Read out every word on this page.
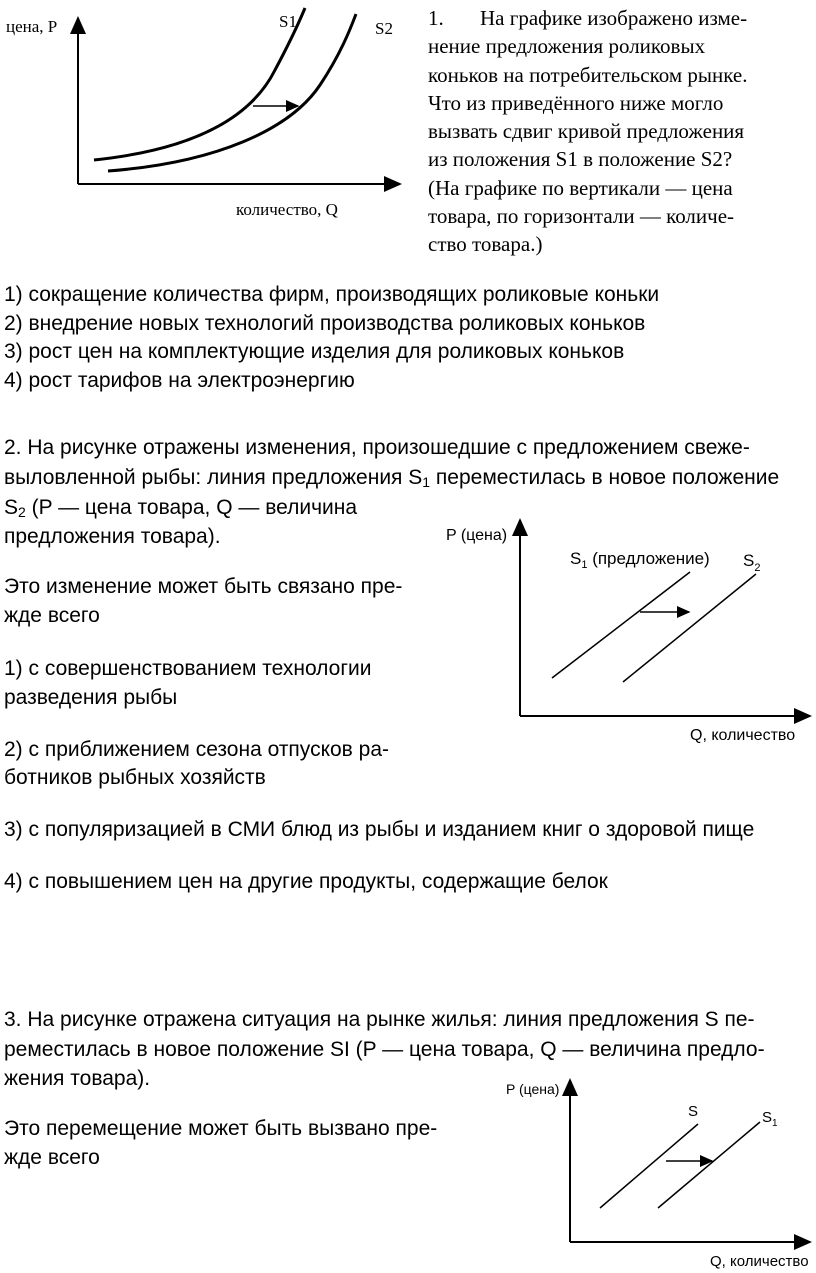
цена, P
количество, Q
S1	S2 1. На графике изображено изме-
нение предложения роликовых
коньков на потребительском рынке.
Что из приведённого ниже могло
вызвать сдвиг кривой предложения
из положения S1 в положение S2?
(На графике по вертикали — цена
товара, по горизонтали — количе-
ство товара.)
1) сокращение количества фирм, производящих роликовые коньки
2) внедрение новых технологий производства роликовых коньков
3) рост цен на комплектующие изделия для роликовых коньков
4) рост тарифов на электроэнергию
2. На рисунке отражены изменения, произошедшие с предложением свеже-
выловленной рыбы: линия предложения $S_1$ переместилась в новое положение
$S_2$ (P — цена товара, Q — величина
предложения товара).
Это изменение может быть связано пре-
жде всего
1) с совершенствованием технологии
разведения рыбы
2) с приближением сезона отпусков ра-
ботников рыбных хозяйств
3) с популяризацией в СМИ блюд из рыбы и изданием книг о здоровой пище
4) с повышением цен на другие продукты, содержащие белок
P (цена)
$S_1$ (предложение) $S_2$
Q, количество
3. На рисунке отражена ситуация на рынке жилья: линия предложения S пе-
реместилась в новое положение SI (P — цена товара, Q — величина предло-
жения товара).
Это перемещение может быть вызвано пре-
жде всего
P (цена)
S	$S_1$
Q, количество
